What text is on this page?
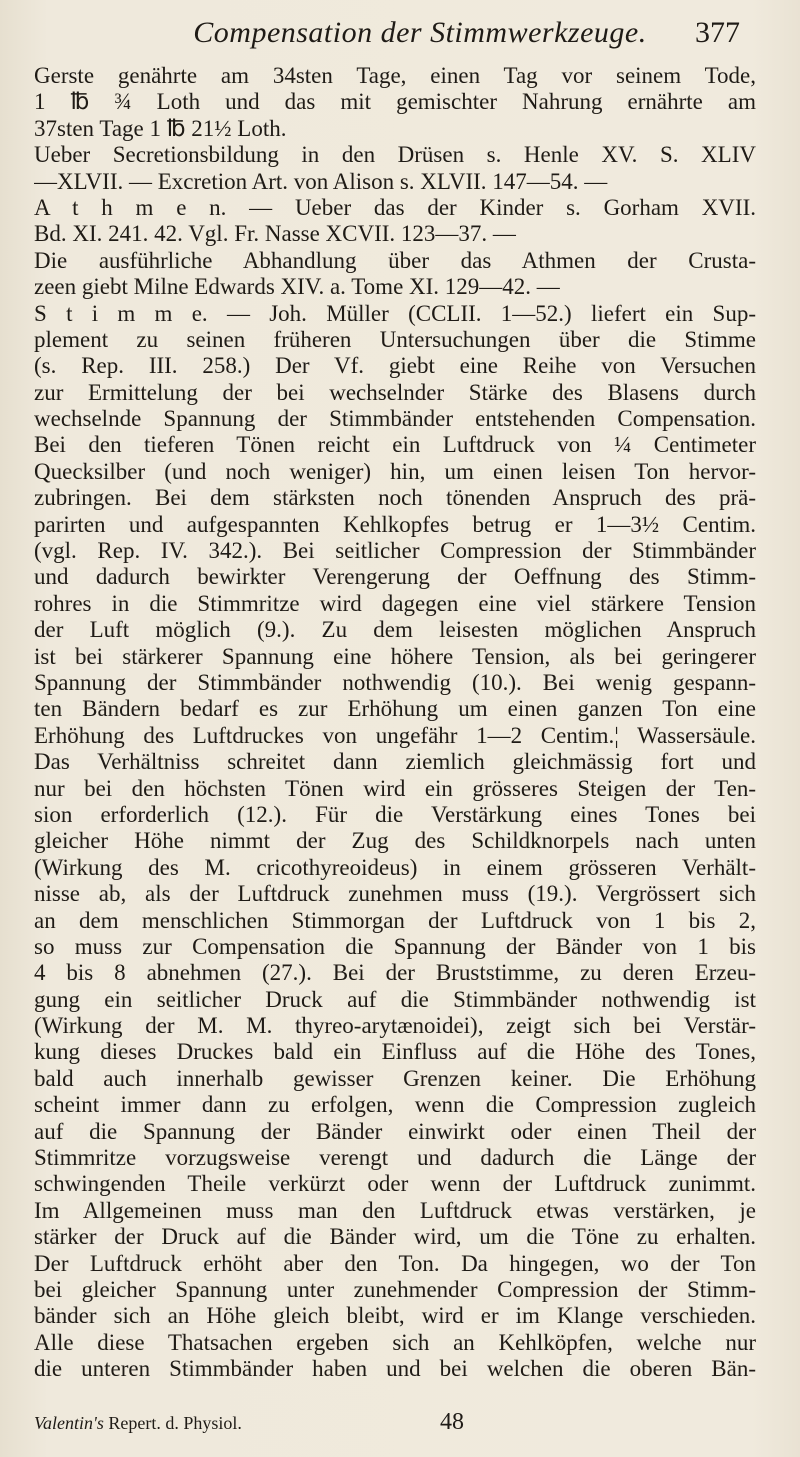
Compensation der Stimmwerkzeuge.	377
Gerste genährte am 34sten Tage, einen Tag vor seinem Tode,
1 ℔ ¾ Loth und das mit gemischter Nahrung ernährte am
37sten Tage 1 ℔ 21½ Loth.
Ueber Secretionsbildung in den Drüsen s. Henle XV. S. XLIV
—XLVII. — Excretion Art. von Alison s. XLVII. 147—54. —
A t h m e n. — Ueber das der Kinder s. Gorham XVII.
Bd. XI. 241. 42. Vgl. Fr. Nasse XCVII. 123—37. —
Die ausführliche Abhandlung über das Athmen der Crusta-
zeen giebt Milne Edwards XIV. a. Tome XI. 129—42. —
S t i m m e. — Joh. Müller (CCLII. 1—52.) liefert ein Sup-
plement zu seinen früheren Untersuchungen über die Stimme
(s. Rep. III. 258.) Der Vf. giebt eine Reihe von Versuchen
zur Ermittelung der bei wechselnder Stärke des Blasens durch
wechselnde Spannung der Stimmbänder entstehenden Compensation.
Bei den tieferen Tönen reicht ein Luftdruck von ¼ Centimeter
Quecksilber (und noch weniger) hin, um einen leisen Ton hervor-
zubringen. Bei dem stärksten noch tönenden Anspruch des prä-
parirten und aufgespannten Kehlkopfes betrug er 1—3½ Centim.
(vgl. Rep. IV. 342.). Bei seitlicher Compression der Stimmbänder
und dadurch bewirkter Verengerung der Oeffnung des Stimm-
rohres in die Stimmritze wird dagegen eine viel stärkere Tension
der Luft möglich (9.). Zu dem leisesten möglichen Anspruch
ist bei stärkerer Spannung eine höhere Tension, als bei geringerer
Spannung der Stimmbänder nothwendig (10.). Bei wenig gespann-
ten Bändern bedarf es zur Erhöhung um einen ganzen Ton eine
Erhöhung des Luftdruckes von ungefähr 1—2 Centim.¦ Wassersäule.
Das Verhältniss schreitet dann ziemlich gleichmässig fort und
nur bei den höchsten Tönen wird ein grösseres Steigen der Ten-
sion erforderlich (12.). Für die Verstärkung eines Tones bei
gleicher Höhe nimmt der Zug des Schildknorpels nach unten
(Wirkung des M. cricothyreoideus) in einem grösseren Verhält-
nisse ab, als der Luftdruck zunehmen muss (19.). Vergrössert sich
an dem menschlichen Stimmorgan der Luftdruck von 1 bis 2,
so muss zur Compensation die Spannung der Bänder von 1 bis
4 bis 8 abnehmen (27.). Bei der Bruststimme, zu deren Erzeu-
gung ein seitlicher Druck auf die Stimmbänder nothwendig ist
(Wirkung der M. M. thyreo-arytænoidei), zeigt sich bei Verstär-
kung dieses Druckes bald ein Einfluss auf die Höhe des Tones,
bald auch innerhalb gewisser Grenzen keiner. Die Erhöhung
scheint immer dann zu erfolgen, wenn die Compression zugleich
auf die Spannung der Bänder einwirkt oder einen Theil der
Stimmritze vorzugsweise verengt und dadurch die Länge der
schwingenden Theile verkürzt oder wenn der Luftdruck zunimmt.
Im Allgemeinen muss man den Luftdruck etwas verstärken, je
stärker der Druck auf die Bänder wird, um die Töne zu erhalten.
Der Luftdruck erhöht aber den Ton. Da hingegen, wo der Ton
bei gleicher Spannung unter zunehmender Compression der Stimm-
bänder sich an Höhe gleich bleibt, wird er im Klange verschieden.
Alle diese Thatsachen ergeben sich an Kehlköpfen, welche nur
die unteren Stimmbänder haben und bei welchen die oberen Bän-
Valentin's Repert. d. Physiol.	48
